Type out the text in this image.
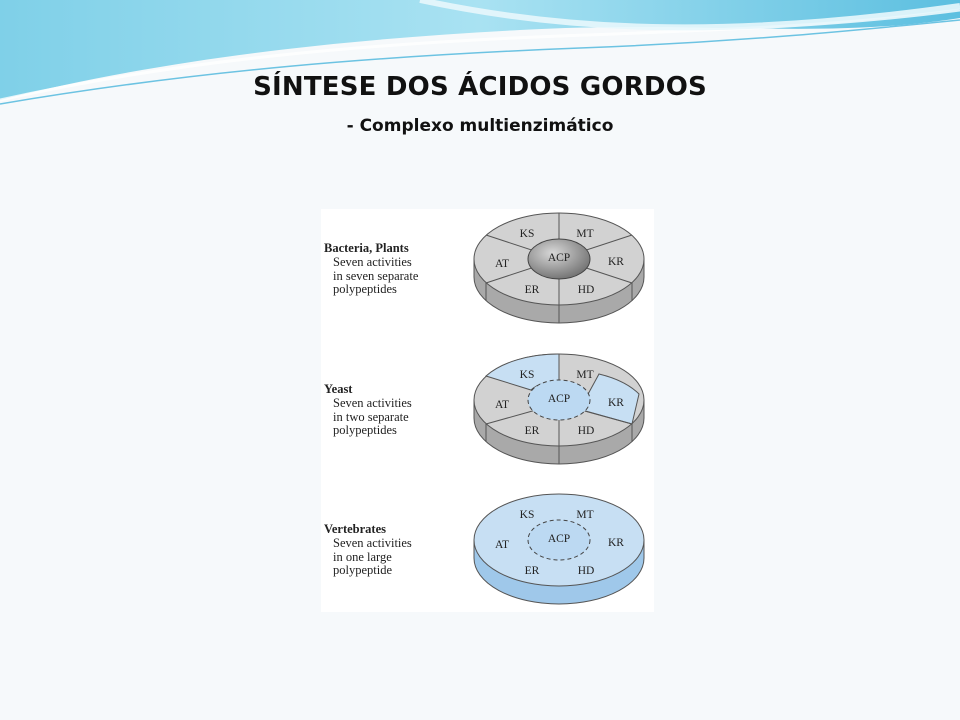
SÍNTESE DOS ÁCIDOS GORDOS
- Complexo multienzimático
Bacteria, Plants
Seven activities
in seven separate
polypeptides
ACP
KS	MT
KR
HD
ER
AT
Yeast
Seven activities
in two separate
polypeptides
ACP
KS	MT
KR
HD
ER
AT
Vertebrates
Seven activities
in one large
polypeptide
ACP
KS	MT
KR
HD
ER
AT
